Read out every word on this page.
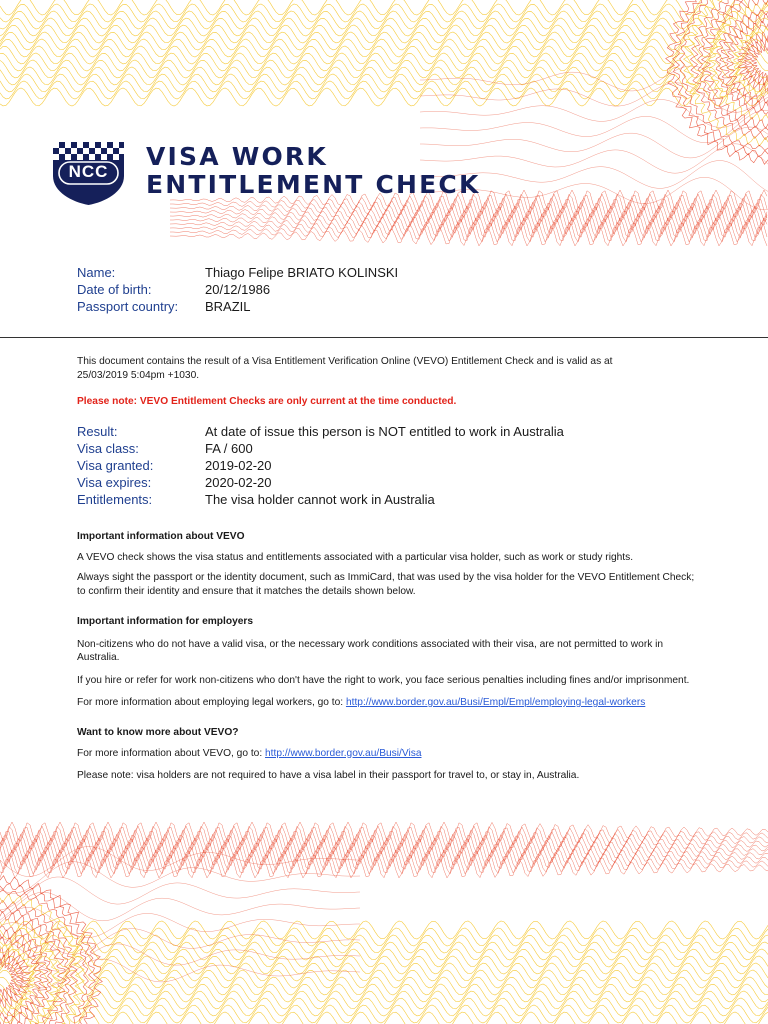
NCC
VISA WORK
ENTITLEMENT CHECK
Name:	Thiago Felipe BRIATO KOLINSKI
Date of birth:	20/12/1986
Passport country: BRAZIL

This document contains the result of a Visa Entitlement Verification Online (VEVO) Entitlement Check and is valid as at

25/03/2019 5:04pm +1030.

Please note: VEVO Entitlement Checks are only current at the time conducted.
Result:	At date of issue this person is NOT entitled to work in Australia
Visa class:	FA / 600
Visa granted:	2019-02-20
Visa expires:	2020-02-20
Entitlements:	The visa holder cannot work in Australia
Important information about VEVO

A VEVO check shows the visa status and entitlements associated with a particular visa holder, such as work or study rights.

Always sight the passport or the identity document, such as ImmiCard, that was used by the visa holder for the VEVO Entitlement Check;

to confirm their identity and ensure that it matches the details shown below.

Important information for employers

Non-citizens who do not have a valid visa, or the necessary work conditions associated with their visa, are not permitted to work in

Australia.

If you hire or refer for work non-citizens who don't have the right to work, you face serious penalties including fines and/or imprisonment.

For more information about employing legal workers, go to: http://www.border.gov.au/Busi/Empl/Empl/employing-legal-workers

Want to know more about VEVO?

For more information about VEVO, go to: http://www.border.gov.au/Busi/Visa

Please note: visa holders are not required to have a visa label in their passport for travel to, or stay in, Australia.
